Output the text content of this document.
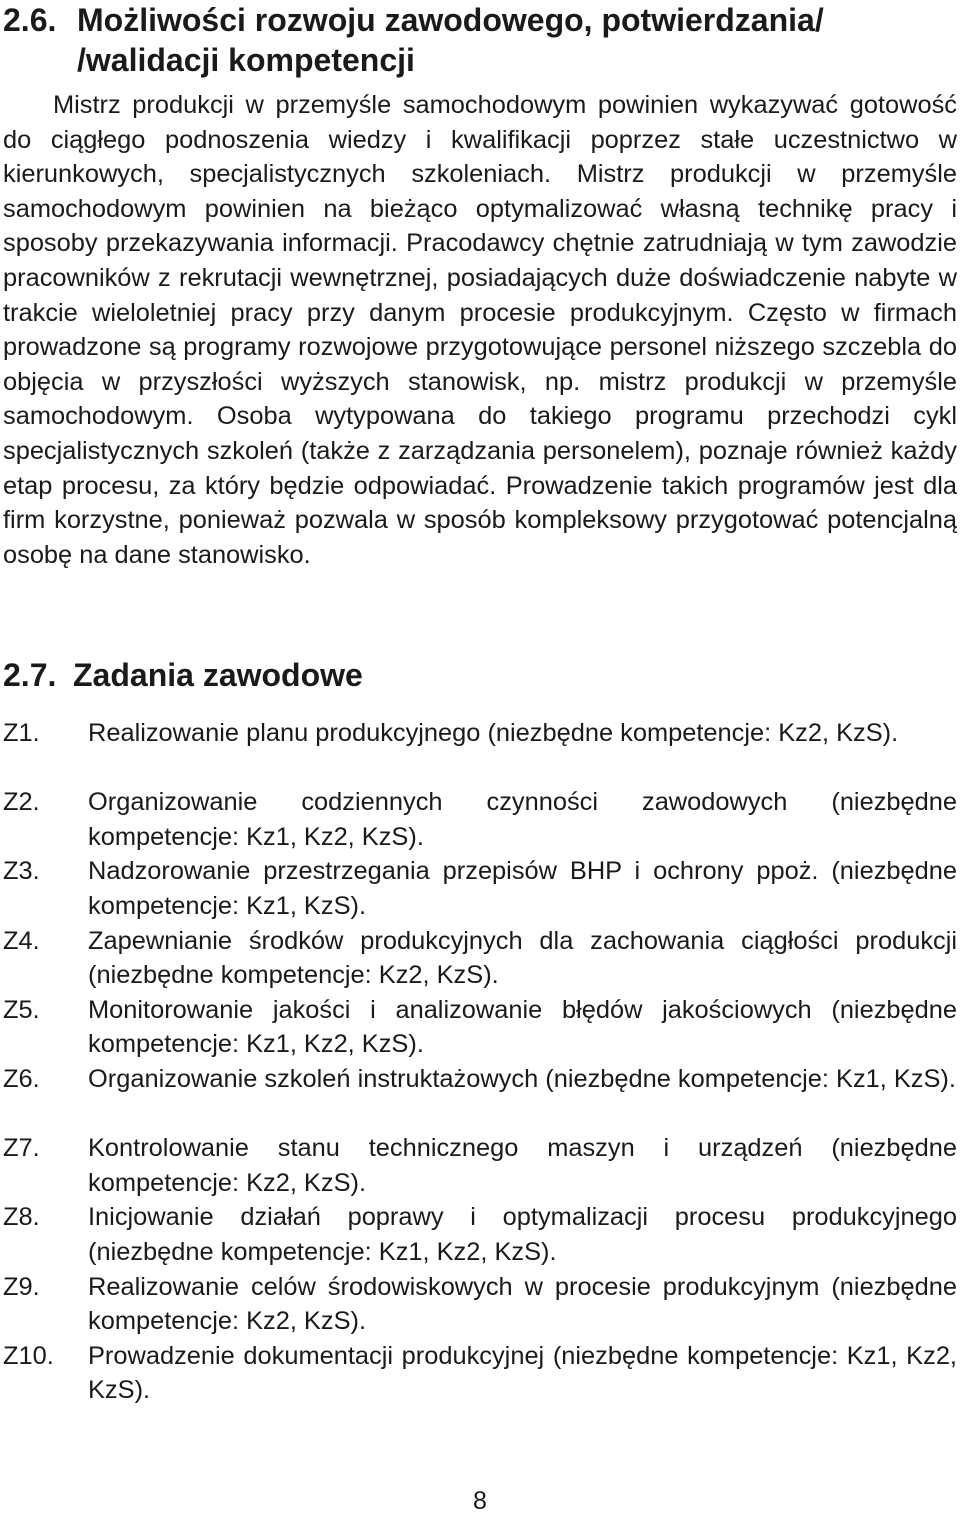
2.6. Możliwości rozwoju zawodowego, potwierdzania/
/walidacji kompetencji

Mistrz produkcji w przemyśle samochodowym powinien wykazywać gotowość do ciągłego podnoszenia wiedzy i kwalifikacji poprzez stałe uczestnictwo w kierunkowych, specjalistycznych szkoleniach. Mistrz produkcji w przemyśle samochodowym powinien na bieżąco optymalizować własną technikę pracy i sposoby przekazywania informacji. Pracodawcy chętnie zatrudniają w tym zawodzie pracowników z rekrutacji wewnętrznej, posiadających duże doświadczenie nabyte w trakcie wieloletniej pracy przy danym procesie produkcyjnym. Często w firmach prowadzone są programy rozwojowe przygotowujące personel niższego szczebla do objęcia w przyszłości wyższych stanowisk, np. mistrz produkcji w przemyśle samochodowym. Osoba wytypowana do takiego programu przechodzi cykl specjalistycznych szkoleń (także z zarządzania personelem), poznaje również każdy etap procesu, za który będzie odpowiadać. Prowadzenie takich programów jest dla firm korzystne, ponieważ pozwala w sposób kompleksowy przygotować potencjalną osobę na dane stanowisko.

2.7. Zadania zawodowe
Z1.	Realizowanie planu produkcyjnego (niezbędne kompetencje: Kz2, KzS).
Z2.	Organizowanie codziennych czynności zawodowych (niezbędne kompetencje: Kz1, Kz2, KzS).
Z3.	Nadzorowanie przestrzegania przepisów BHP i ochrony ppoż. (niezbędne kompetencje: Kz1, KzS).
Z4.	Zapewnianie środków produkcyjnych dla zachowania ciągłości produkcji (niezbędne kompetencje: Kz2, KzS).
Z5.	Monitorowanie jakości i analizowanie błędów jakościowych (niezbędne kompetencje: Kz1, Kz2, KzS).
Z6.	Organizowanie szkoleń instruktażowych (niezbędne kompetencje: Kz1, KzS).
Z7.	Kontrolowanie stanu technicznego maszyn i urządzeń (niezbędne kompetencje: Kz2, KzS).
Z8.	Inicjowanie działań poprawy i optymalizacji procesu produkcyjnego (niezbędne kompetencje: Kz1, Kz2, KzS).
Z9.	Realizowanie celów środowiskowych w procesie produkcyjnym (niezbędne kompetencje: Kz2, KzS).
Z10.	Prowadzenie dokumentacji produkcyjnej (niezbędne kompetencje: Kz1, Kz2, KzS).
8
